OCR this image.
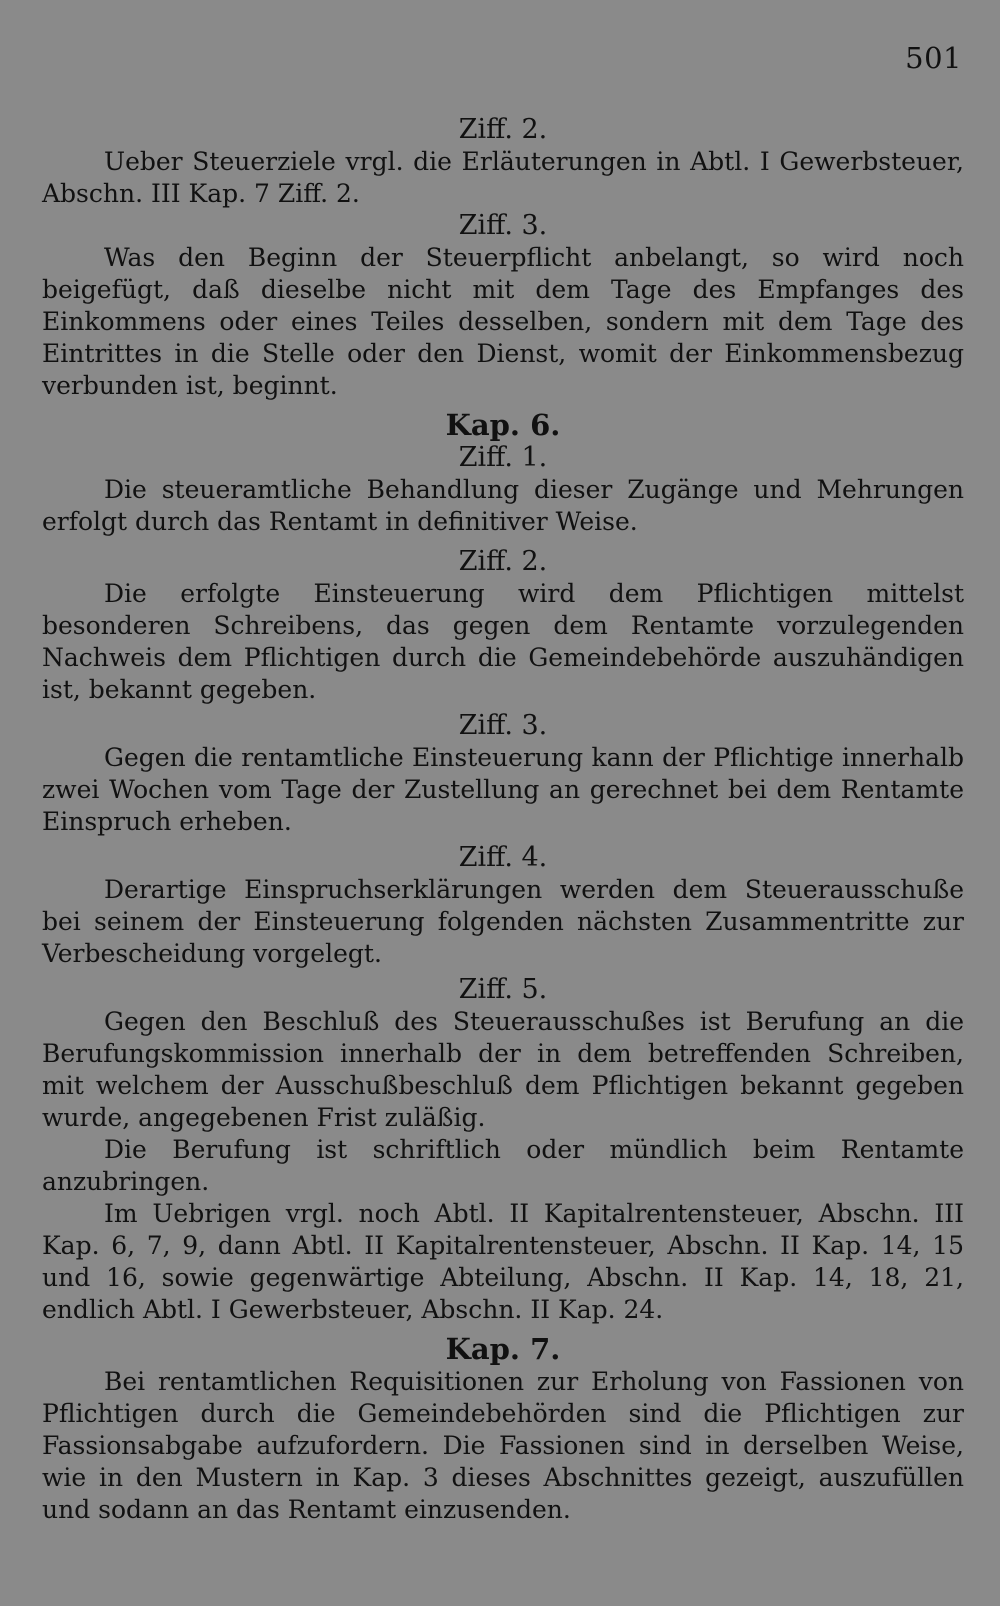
501
Ziff. 2.

Ueber Steuerziele vrgl. die Erläuterungen in Abtl. I Gewerbsteuer, Abschn. III Kap. 7 Ziff. 2.

Ziff. 3.

Was den Beginn der Steuerpflicht anbelangt, so wird noch beigefügt, daß dieselbe nicht mit dem Tage des Empfanges des Einkommens oder eines Teiles desselben, sondern mit dem Tage des Eintrittes in die Stelle oder den Dienst, womit der Einkommensbezug verbunden ist, beginnt.

Kap. 6.
Ziff. 1.

Die steueramtliche Behandlung dieser Zugänge und Mehrungen erfolgt durch das Rentamt in definitiver Weise.

Ziff. 2.

Die erfolgte Einsteuerung wird dem Pflichtigen mittelst besonderen Schreibens, das gegen dem Rentamte vorzulegenden Nachweis dem Pflichtigen durch die Gemeindebehörde auszuhändigen ist, bekannt gegeben.

Ziff. 3.

Gegen die rentamtliche Einsteuerung kann der Pflichtige innerhalb zwei Wochen vom Tage der Zustellung an gerechnet bei dem Rentamte Einspruch erheben.

Ziff. 4.

Derartige Einspruchserklärungen werden dem Steuerausschuße bei seinem der Einsteuerung folgenden nächsten Zusammentritte zur Verbescheidung vorgelegt.

Ziff. 5.

Gegen den Beschluß des Steuerausschußes ist Berufung an die Berufungskommission innerhalb der in dem betreffenden Schreiben, mit welchem der Ausschußbeschluß dem Pflichtigen bekannt gegeben wurde, angegebenen Frist zuläßig.

Die Berufung ist schriftlich oder mündlich beim Rentamte anzubringen.

Im Uebrigen vrgl. noch Abtl. II Kapitalrentensteuer, Abschn. III Kap. 6, 7, 9, dann Abtl. II Kapitalrentensteuer, Abschn. II Kap. 14, 15 und 16, sowie gegenwärtige Abteilung, Abschn. II Kap. 14, 18, 21, endlich Abtl. I Gewerbsteuer, Abschn. II Kap. 24.

Kap. 7.

Bei rentamtlichen Requisitionen zur Erholung von Fassionen von Pflichtigen durch die Gemeindebehörden sind die Pflichtigen zur Fassionsabgabe aufzufordern. Die Fassionen sind in derselben Weise, wie in den Mustern in Kap. 3 dieses Abschnittes gezeigt, auszufüllen und sodann an das Rentamt einzusenden.
